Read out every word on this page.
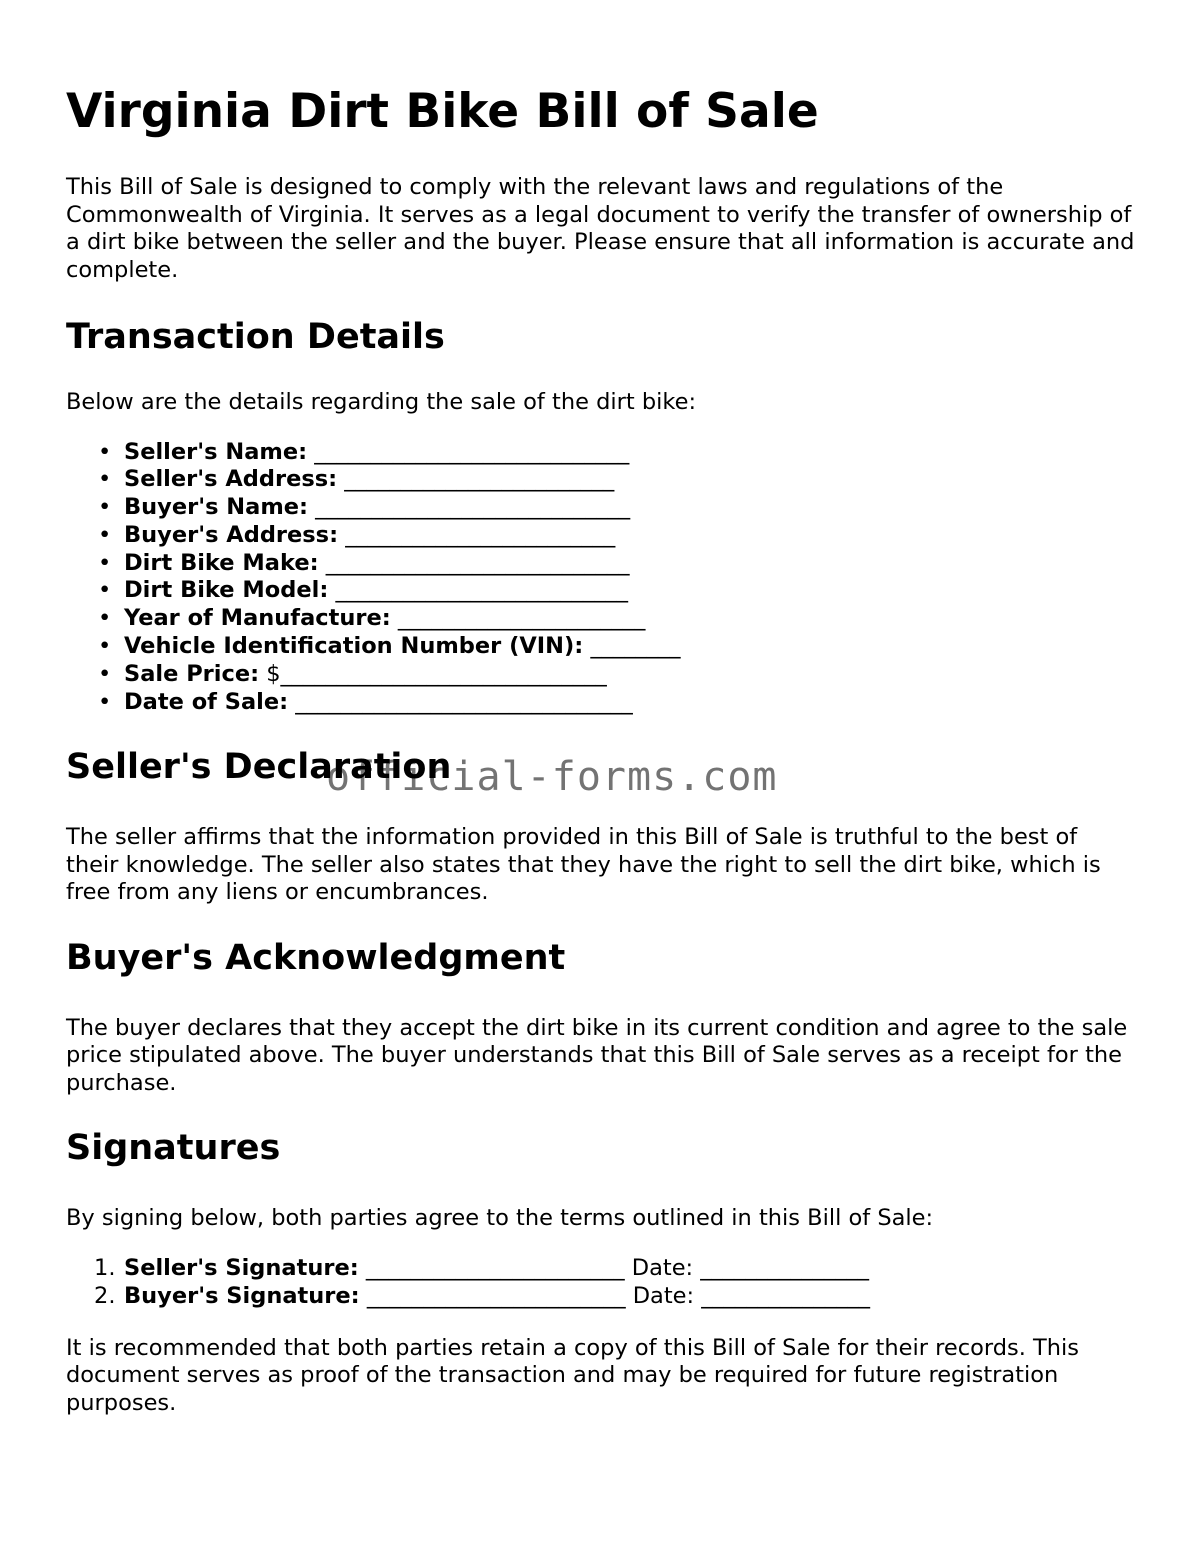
Virginia Dirt Bike Bill of Sale

This Bill of Sale is designed to comply with the relevant laws and regulations of the Commonwealth of Virginia. It serves as a legal document to verify the transfer of ownership of a dirt bike between the seller and the buyer. Please ensure that all information is accurate and complete.

Transaction Details

Below are the details regarding the sale of the dirt bike:

• Seller's Name: ____________________________
• Seller's Address: ________________________
• Buyer's Name: ____________________________
• Buyer's Address: ________________________
• Dirt Bike Make: ___________________________
• Dirt Bike Model: __________________________
• Year of Manufacture: ______________________
• Vehicle Identification Number (VIN): ________
• Sale Price: $_____________________________
• Date of Sale: ______________________________
Seller's Declaration

The seller affirms that the information provided in this Bill of Sale is truthful to the best of their knowledge. The seller also states that they have the right to sell the dirt bike, which is free from any liens or encumbrances.

Buyer's Acknowledgment

The buyer declares that they accept the dirt bike in its current condition and agree to the sale price stipulated above. The buyer understands that this Bill of Sale serves as a receipt for the purchase.

Signatures

By signing below, both parties agree to the terms outlined in this Bill of Sale:

1. Seller's Signature: _______________________ Date: _______________
2. Buyer's Signature: _______________________ Date: _______________

It is recommended that both parties retain a copy of this Bill of Sale for their records. This document serves as proof of the transaction and may be required for future registration purposes.

official-forms.com
